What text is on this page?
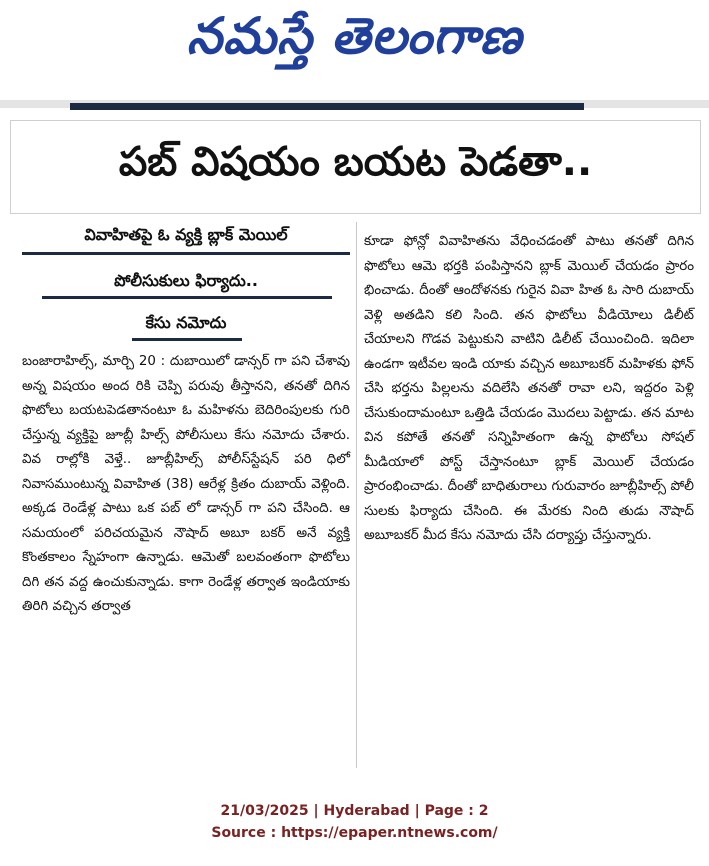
నమస్తే తెలంగాణ
పబ్ విషయం బయట పెడతా..
వివాహితపై ఓ వ్యక్తి బ్లాక్ మెయిల్
పోలీసుకులు ఫిర్యాదు..
కేసు నమోదు
బంజారాహిల్స్, మార్చి 20 : దుబాయిలో డాన్సర్ గా పని చేశావు అన్న విషయం అంద రికి చెప్పి పరువు తీస్తానని, తనతో దిగిన ఫొటోలు బయటపెడతానంటూ ఓ మహిళను బెదిరింపులకు గురి చేస్తున్న వ్యక్తిపై జూబ్లీ హిల్స్ పోలీసులు కేసు నమోదు చేశారు. వివ రాల్లోకి వెళ్తే.. జూబ్లీహిల్స్ పోలీస్‌స్టేషన్ పరి ధిలో నివాసముంటున్న వివాహిత (38) ఆరేళ్ల క్రితం దుబాయ్ వెళ్లింది. అక్కడ రెండేళ్ల పాటు ఒక పబ్ లో డాన్సర్ గా పని చేసింది. ఆ సమయంలో పరిచయమైన నౌషాద్ అబూ బకర్ అనే వ్యక్తి కొంతకాలం స్నేహంగా ఉన్నాడు. ఆమెతో బలవంతంగా ఫొటోలు దిగి తన వద్ద ఉంచుకున్నాడు. కాగా రెండేళ్ల తర్వాత ఇండియాకు తిరిగి వచ్చిన తర్వాత
కూడా ఫోన్లో వివాహితను వేధించడంతో పాటు తనతో దిగిన ఫొటోలు ఆమె భర్తకి పంపిస్తానని బ్లాక్ మెయిల్ చేయడం ప్రారం భించాడు. దీంతో ఆందోళనకు గురైన వివా హిత ఓ సారి దుబాయ్ వెళ్లి అతడిని కలి సింది. తన ఫొటోలు వీడియోలు డిలీట్ చేయాలని గొడవ పెట్టుకుని వాటిని డిలీట్ చేయించింది. ఇదిలా ఉండగా ఇటీవల ఇండి యాకు వచ్చిన అబూబకర్ మహిళకు ఫోన్ చేసి భర్తను పిల్లలను వదిలేసి తనతో రావా లని, ఇద్దరం పెళ్లి చేసుకుందామంటూ ఒత్తిడి చేయడం మొదలు పెట్టాడు. తన మాట విన కపోతే తనతో సన్నిహితంగా ఉన్న ఫొటోలు సోషల్ మీడియాలో పోస్ట్ చేస్తానంటూ బ్లాక్ మెయిల్ చేయడం ప్రారంభించాడు. దీంతో బాధితురాలు గురువారం జూబ్లీహిల్స్ పోలీ సులకు ఫిర్యాదు చేసింది. ఈ మేరకు నింది తుడు నౌషాద్ అబూబకర్ మీద కేసు నమోదు చేసి దర్యాప్తు చేస్తున్నారు.
21/03/2025 | Hyderabad | Page : 2
Source : https://epaper.ntnews.com/
